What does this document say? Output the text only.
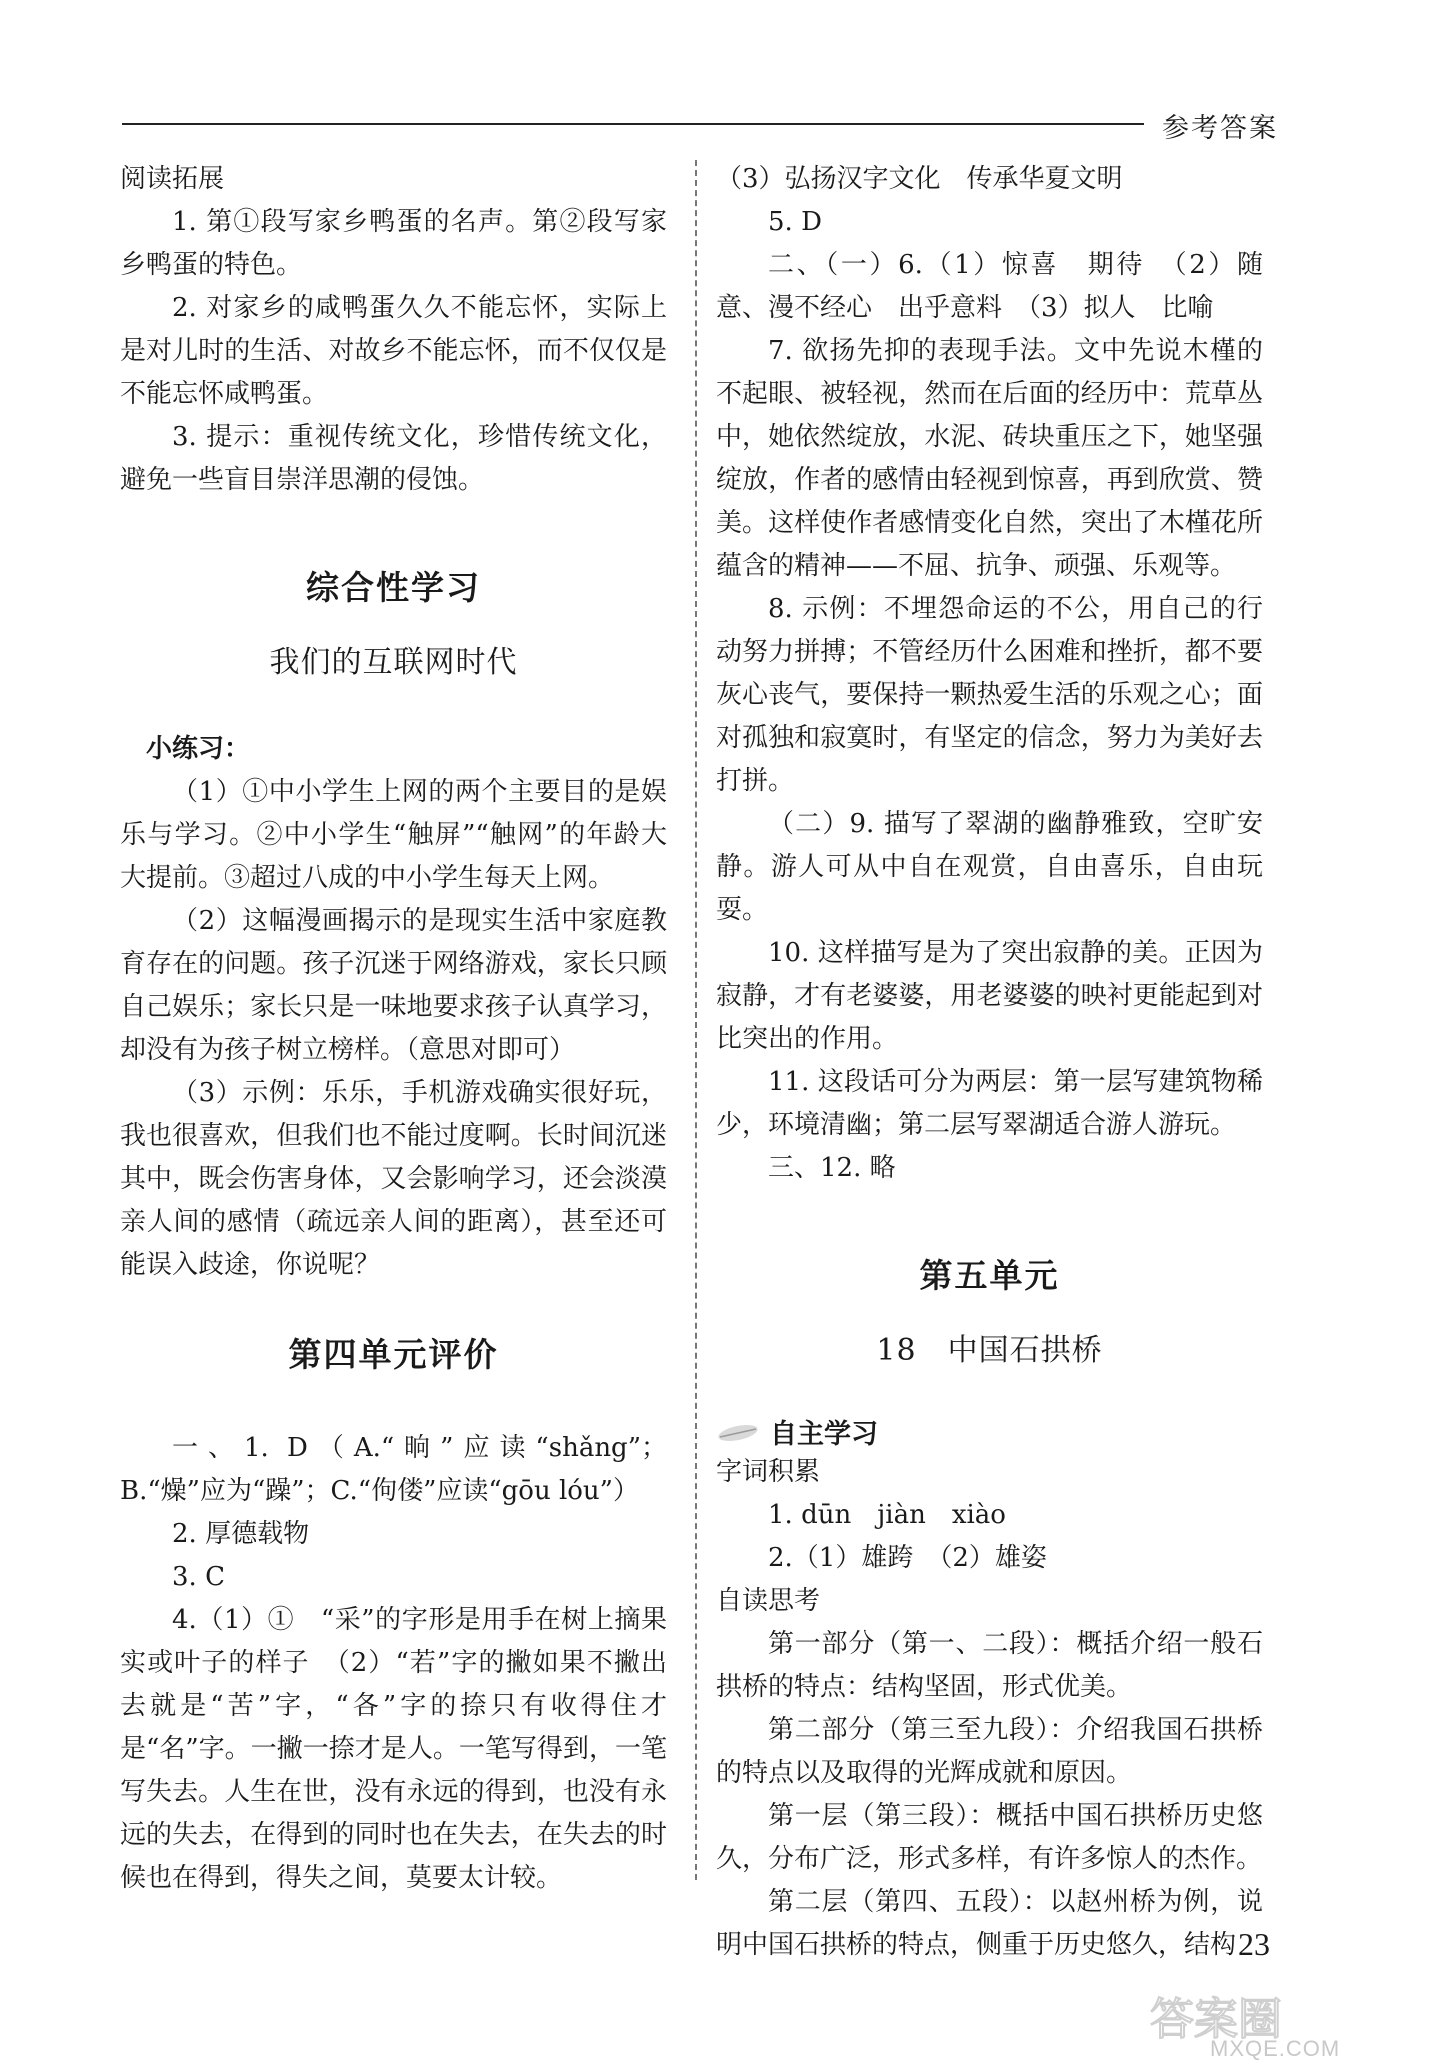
参考答案

阅读拓展

1. 第①段写家乡鸭蛋的名声。第②段写家乡鸭蛋的特色。

2. 对家乡的咸鸭蛋久久不能忘怀，实际上是对儿时的生活、对故乡不能忘怀，而不仅仅是不能忘怀咸鸭蛋。

3. 提示：重视传统文化，珍惜传统文化，避免一些盲目崇洋思潮的侵蚀。

综合性学习
我们的互联网时代

小练习：

（1）①中小学生上网的两个主要目的是娱乐与学习。②中小学生“触屏”“触网”的年龄大大提前。③超过八成的中小学生每天上网。

（2）这幅漫画揭示的是现实生活中家庭教育存在的问题。孩子沉迷于网络游戏，家长只顾自己娱乐；家长只是一味地要求孩子认真学习，却没有为孩子树立榜样。（意思对即可）

（3）示例：乐乐，手机游戏确实很好玩，我也很喜欢，但我们也不能过度啊。长时间沉迷其中，既会伤害身体，又会影响学习，还会淡漠亲人间的感情（疏远亲人间的距离），甚至还可能误入歧途，你说呢？

第四单元评价

一、1. D（A.“晌”应读“shǎng”；B.“燥”应为“躁”；C.“佝偻”应读“gōu lóu”）

2. 厚德载物

3. C

4.（1）①　“采”的字形是用手在树上摘果实或叶子的样子　（2）“若”字的撇如果不撇出去就是“苦”字，“各”字的捺只有收得住才是“名”字。一撇一捺才是人。一笔写得到，一笔写失去。人生在世，没有永远的得到，也没有永远的失去，在得到的同时也在失去，在失去的时候也在得到，得失之间，莫要太计较。

（3）弘扬汉字文化　传承华夏文明

5. D

二、（一）6.（1）惊喜　期待　（2）随意、漫不经心　出乎意料　（3）拟人　比喻

7. 欲扬先抑的表现手法。文中先说木槿的不起眼、被轻视，然而在后面的经历中：荒草丛中，她依然绽放，水泥、砖块重压之下，她坚强绽放，作者的感情由轻视到惊喜，再到欣赏、赞美。这样使作者感情变化自然，突出了木槿花所蕴含的精神——不屈、抗争、顽强、乐观等。

8. 示例：不埋怨命运的不公，用自己的行动努力拼搏；不管经历什么困难和挫折，都不要灰心丧气，要保持一颗热爱生活的乐观之心；面对孤独和寂寞时，有坚定的信念，努力为美好去打拼。

（二）9. 描写了翠湖的幽静雅致，空旷安静。游人可从中自在观赏，自由喜乐，自由玩耍。

10. 这样描写是为了突出寂静的美。正因为寂静，才有老婆婆，用老婆婆的映衬更能起到对比突出的作用。

11. 这段话可分为两层：第一层写建筑物稀少，环境清幽；第二层写翠湖适合游人游玩。

三、12. 略

第五单元
18　中国石拱桥
自主学习

字词积累

1. dūn　jiàn　xiào

2.（1）雄跨　（2）雄姿

自读思考

第一部分（第一、二段）：概括介绍一般石拱桥的特点：结构坚固，形式优美。

第二部分（第三至九段）：介绍我国石拱桥的特点以及取得的光辉成就和原因。

第一层（第三段）：概括中国石拱桥历史悠久，分布广泛，形式多样，有许多惊人的杰作。

第二层（第四、五段）：以赵州桥为例，说明中国石拱桥的特点，侧重于历史悠久，结构 23
答案圈
MXQE.COM
